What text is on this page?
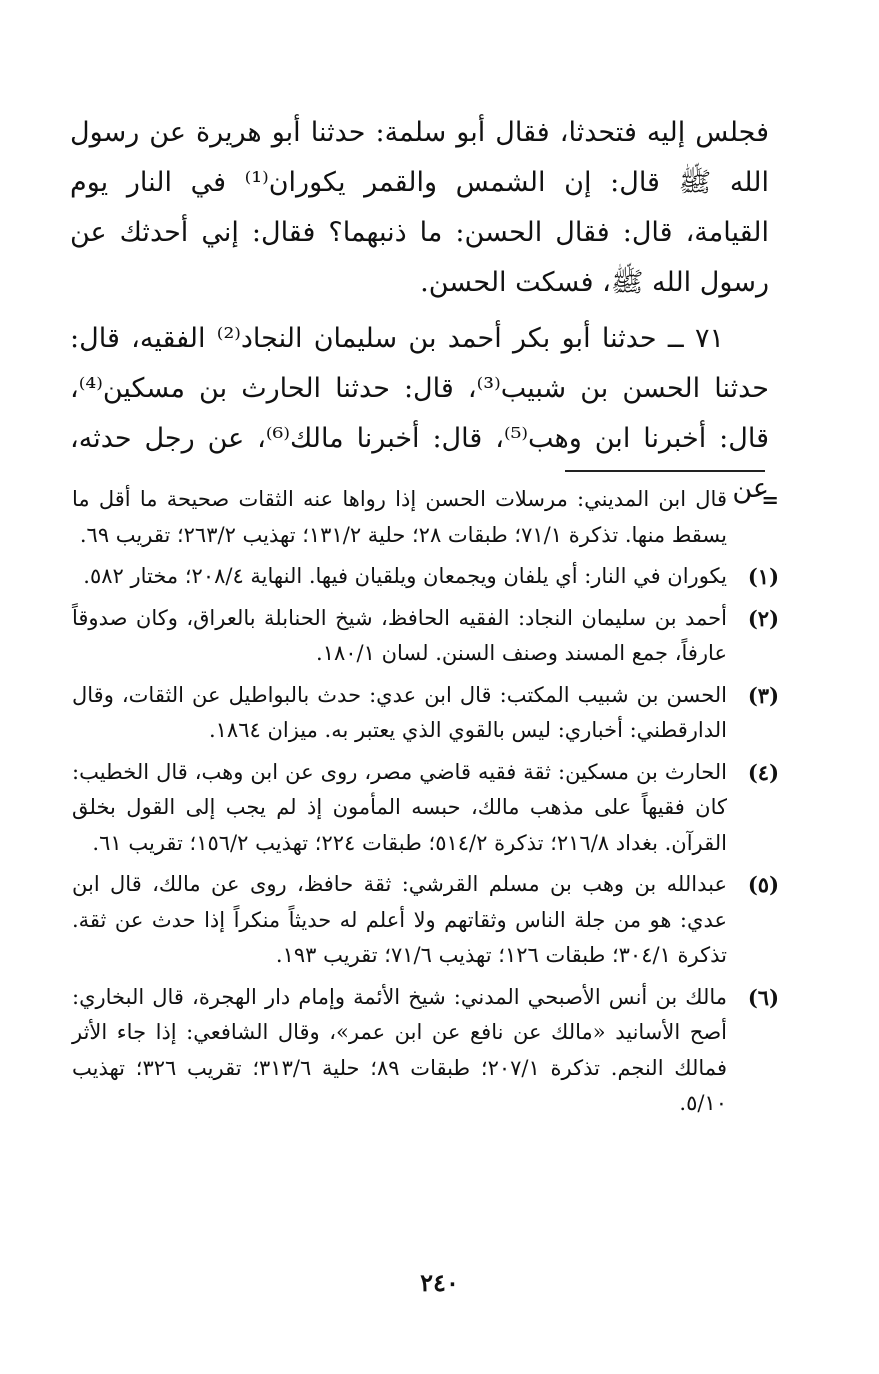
فجلس إليه فتحدثا، فقال أبو سلمة: حدثنا أبو هريرة عن رسول الله ﷺ قال: إن الشمس والقمر يكوران⁽¹⁾ في النار يوم القيامة، قال: فقال الحسن: ما ذنبهما؟ فقال: إني أحدثك عن رسول الله ﷺ، فسكت الحسن.

٧١ ــ حدثنا أبو بكر أحمد بن سليمان النجاد⁽²⁾ الفقيه، قال: حدثنا الحسن بن شبيب⁽³⁾، قال: حدثنا الحارث بن مسكين⁽⁴⁾، قال: أخبرنا ابن وهب⁽⁵⁾، قال: أخبرنا مالك⁽⁶⁾، عن رجل حدثه، عن

=
قال ابن المديني: مرسلات الحسن إذا رواها عنه الثقات صحيحة ما أقل ما يسقط منها. تذكرة ٧١/١؛ طبقات ٢٨؛ حلية ١٣١/٢؛ تهذيب ٢٦٣/٢؛ تقريب ٦٩.
(١)
يكوران في النار: أي يلفان ويجمعان ويلقيان فيها. النهاية ٢٠٨/٤؛ مختار ٥٨٢.
(٢)
أحمد بن سليمان النجاد: الفقيه الحافظ، شيخ الحنابلة بالعراق، وكان صدوقاً عارفاً، جمع المسند وصنف السنن. لسان ١٨٠/١.
(٣)
الحسن بن شبيب المكتب: قال ابن عدي: حدث بالبواطيل عن الثقات، وقال الدارقطني: أخباري: ليس بالقوي الذي يعتبر به. ميزان ١٨٦٤.
(٤)
الحارث بن مسكين: ثقة فقيه قاضي مصر، روى عن ابن وهب، قال الخطيب: كان فقيهاً على مذهب مالك، حبسه المأمون إذ لم يجب إلى القول بخلق القرآن. بغداد ٢١٦/٨؛ تذكرة ٥١٤/٢؛ طبقات ٢٢٤؛ تهذيب ١٥٦/٢؛ تقريب ٦١.
(٥)
عبدالله بن وهب بن مسلم القرشي: ثقة حافظ، روى عن مالك، قال ابن عدي: هو من جلة الناس وثقاتهم ولا أعلم له حديثاً منكراً إذا حدث عن ثقة. تذكرة ٣٠٤/١؛ طبقات ١٢٦؛ تهذيب ٧١/٦؛ تقريب ١٩٣.
(٦)
مالك بن أنس الأصبحي المدني: شيخ الأئمة وإمام دار الهجرة، قال البخاري: أصح الأسانيد «مالك عن نافع عن ابن عمر»، وقال الشافعي: إذا جاء الأثر فمالك النجم. تذكرة ٢٠٧/١؛ طبقات ٨٩؛ حلية ٣١٣/٦؛ تقريب ٣٢٦؛ تهذيب ٥/١٠.
٢٤٠
